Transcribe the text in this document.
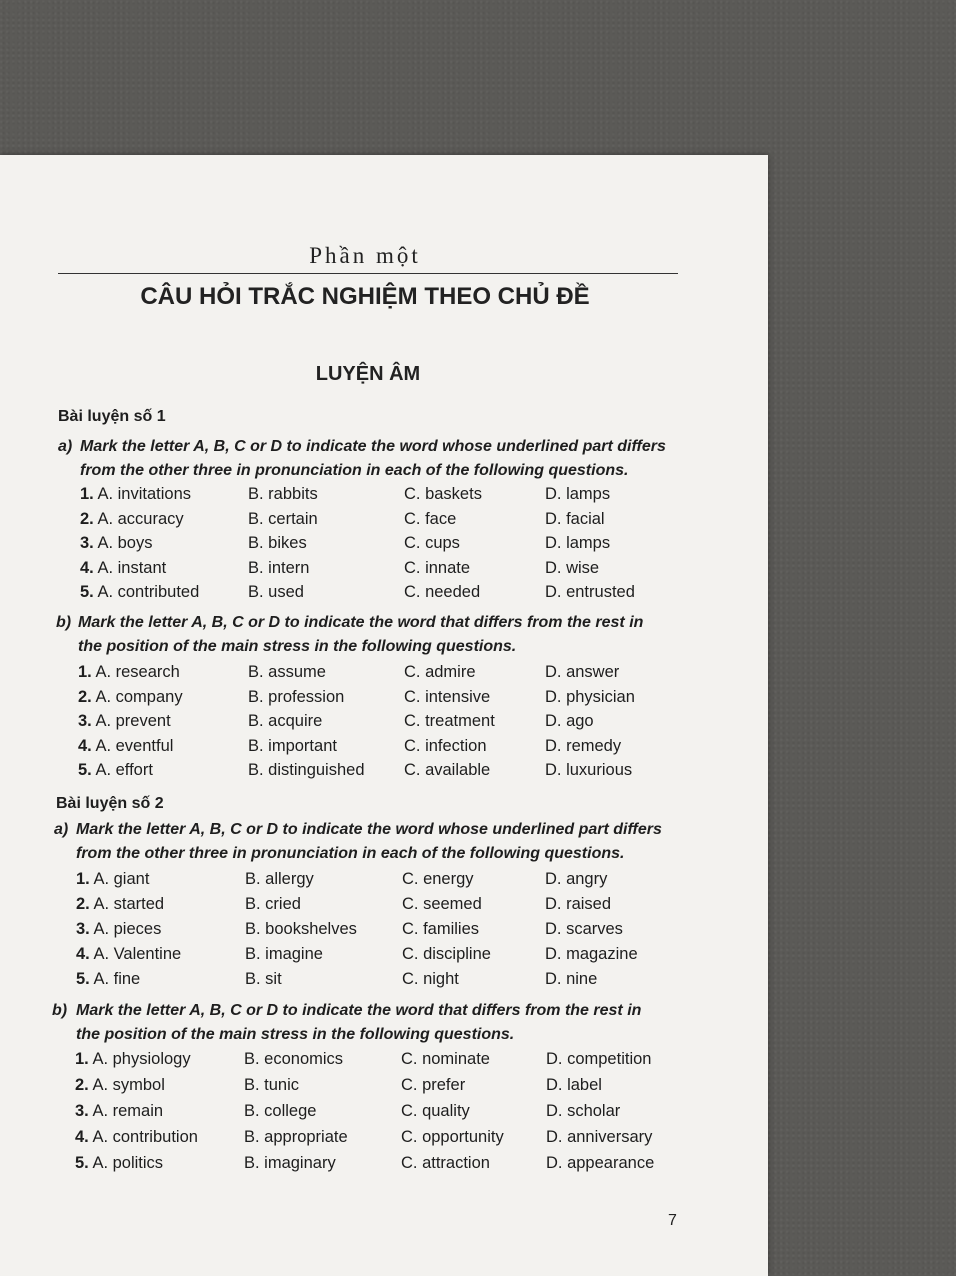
Phần một
CÂU HỎI TRẮC NGHIỆM THEO CHỦ ĐỀ
LUYỆN ÂM
Bài luyện số 1
a) Mark the letter A, B, C or D to indicate the word whose underlined part differs
from the other three in pronunciation in each of the following questions.
1. A. invitations	B. rabbits	C. baskets	D. lamps
2. A. accuracy	B. certain	C. face	D. facial
3. A. boys	B. bikes	C. cups	D. lamps
4. A. instant	B. intern	C. innate	D. wise
5. A. contributed	B. used	C. needed	D. entrusted
b) Mark the letter A, B, C or D to indicate the word that differs from the rest in
the position of the main stress in the following questions.
1. A. research	B. assume	C. admire	D. answer
2. A. company	B. profession	C. intensive	D. physician
3. A. prevent	B. acquire	C. treatment	D. ago
4. A. eventful	B. important	C. infection	D. remedy
5. A. effort	B. distinguished C. available	D. luxurious
Bài luyện số 2
a) Mark the letter A, B, C or D to indicate the word whose underlined part differs
from the other three in pronunciation in each of the following questions.
1. A. giant	B. allergy	C. energy	D. angry
2. A. started	B. cried	C. seemed	D. raised
3. A. pieces	B. bookshelves	C. families	D. scarves
4. A. Valentine	B. imagine	C. discipline	D. magazine
5. A. fine	B. sit	C. night	D. nine
b) Mark the letter A, B, C or D to indicate the word that differs from the rest in
the position of the main stress in the following questions.
1. A. physiology	B. economics	C. nominate	D. competition
2. A. symbol	B. tunic	C. prefer	D. label
3. A. remain	B. college	C. quality	D. scholar
4. A. contribution	B. appropriate	C. opportunity	D. anniversary
5. A. politics	B. imaginary	C. attraction	D. appearance
7
